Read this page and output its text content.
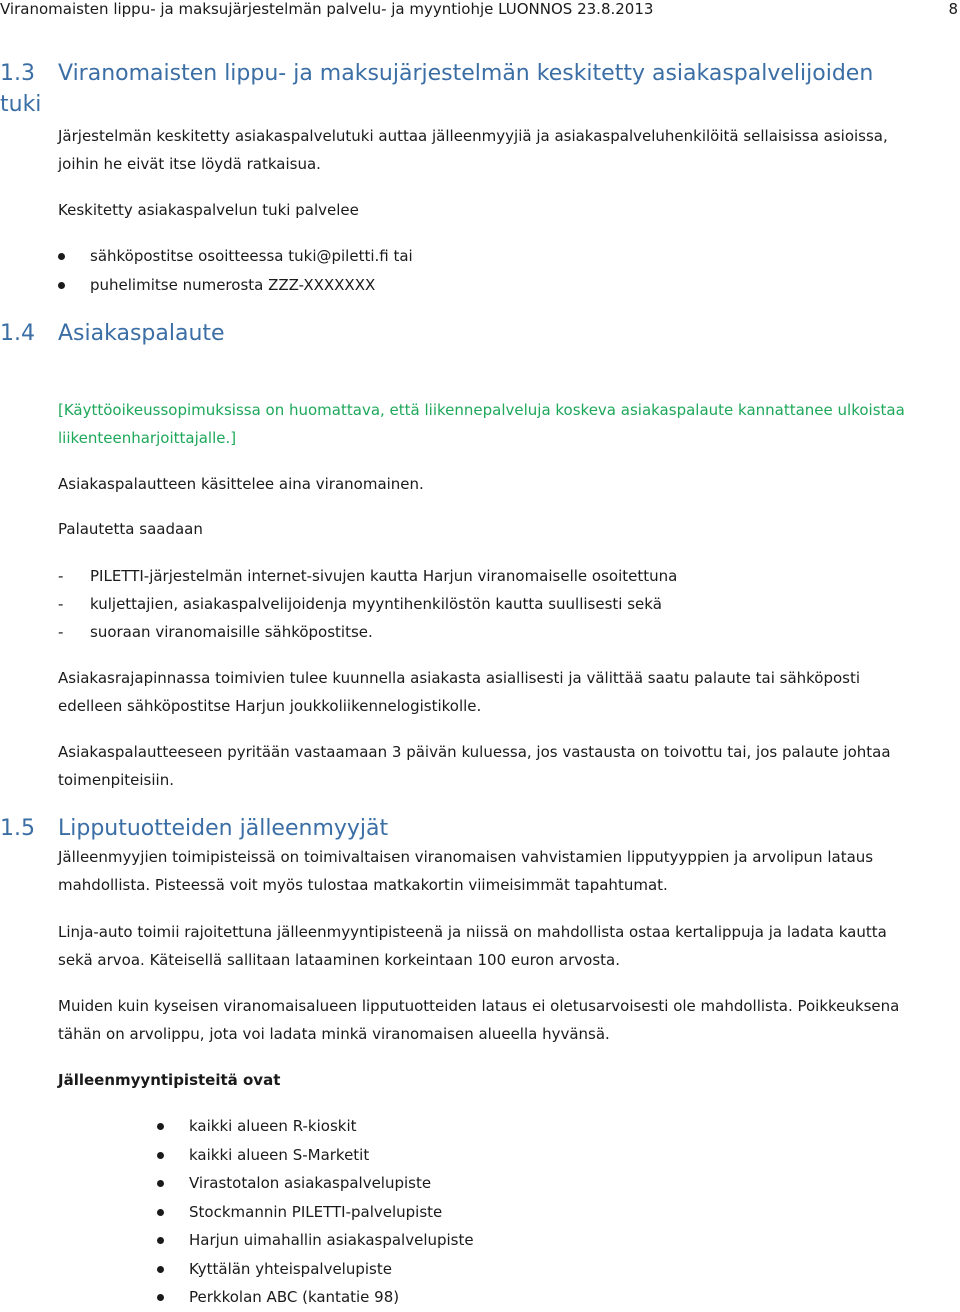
Viranomaisten lippu- ja maksujärjestelmän palvelu- ja myyntiohje LUONNOS 23.8.2013	8
1.3 Viranomaisten lippu- ja maksujärjestelmän keskitetty asiakaspalvelijoiden
tuki

Järjestelmän keskitetty asiakaspalvelutuki auttaa jälleenmyyjiä ja asiakaspalveluhenkilöitä sellaisissa asioissa, joihin he eivät itse löydä ratkaisua.

Keskitetty asiakaspalvelun tuki palvelee

sähköpostitse osoitteessa tuki@piletti.fi tai
puhelimitse numerosta ZZZ-XXXXXXX
1.4 Asiakaspalaute

[Käyttöoikeussopimuksissa on huomattava, että liikennepalveluja koskeva asiakaspalaute kannattanee ulkoistaa liikenteenharjoittajalle.]

Asiakaspalautteen käsittelee aina viranomainen.

Palautetta saadaan

- PILETTI-järjestelmän internet-sivujen kautta Harjun viranomaiselle osoitettuna
- kuljettajien, asiakaspalvelijoidenja myyntihenkilöstön kautta suullisesti sekä
- suoraan viranomaisille sähköpostitse.

Asiakasrajapinnassa toimivien tulee kuunnella asiakasta asiallisesti ja välittää saatu palaute tai sähköposti edelleen sähköpostitse Harjun joukkoliikennelogistikolle.

Asiakaspalautteeseen pyritään vastaamaan 3 päivän kuluessa, jos vastausta on toivottu tai, jos palaute johtaa toimenpiteisiin.

1.5 Lipputuotteiden jälleenmyyjät

Jälleenmyyjien toimipisteissä on toimivaltaisen viranomaisen vahvistamien lipputyyppien ja arvolipun lataus mahdollista. Pisteessä voit myös tulostaa matkakortin viimeisimmät tapahtumat.

Linja-auto toimii rajoitettuna jälleenmyyntipisteenä ja niissä on mahdollista ostaa kertalippuja ja ladata kautta sekä arvoa. Käteisellä sallitaan lataaminen korkeintaan 100 euron arvosta.

Muiden kuin kyseisen viranomaisalueen lipputuotteiden lataus ei oletusarvoisesti ole mahdollista. Poikkeuksena tähän on arvolippu, jota voi ladata minkä viranomaisen alueella hyvänsä.

Jälleenmyyntipisteitä ovat

kaikki alueen R-kioskit
kaikki alueen S-Marketit
Virastotalon asiakaspalvelupiste
Stockmannin PILETTI-palvelupiste
Harjun uimahallin asiakaspalvelupiste
Kyttälän yhteispalvelupiste
Perkkolan ABC (kantatie 98)
